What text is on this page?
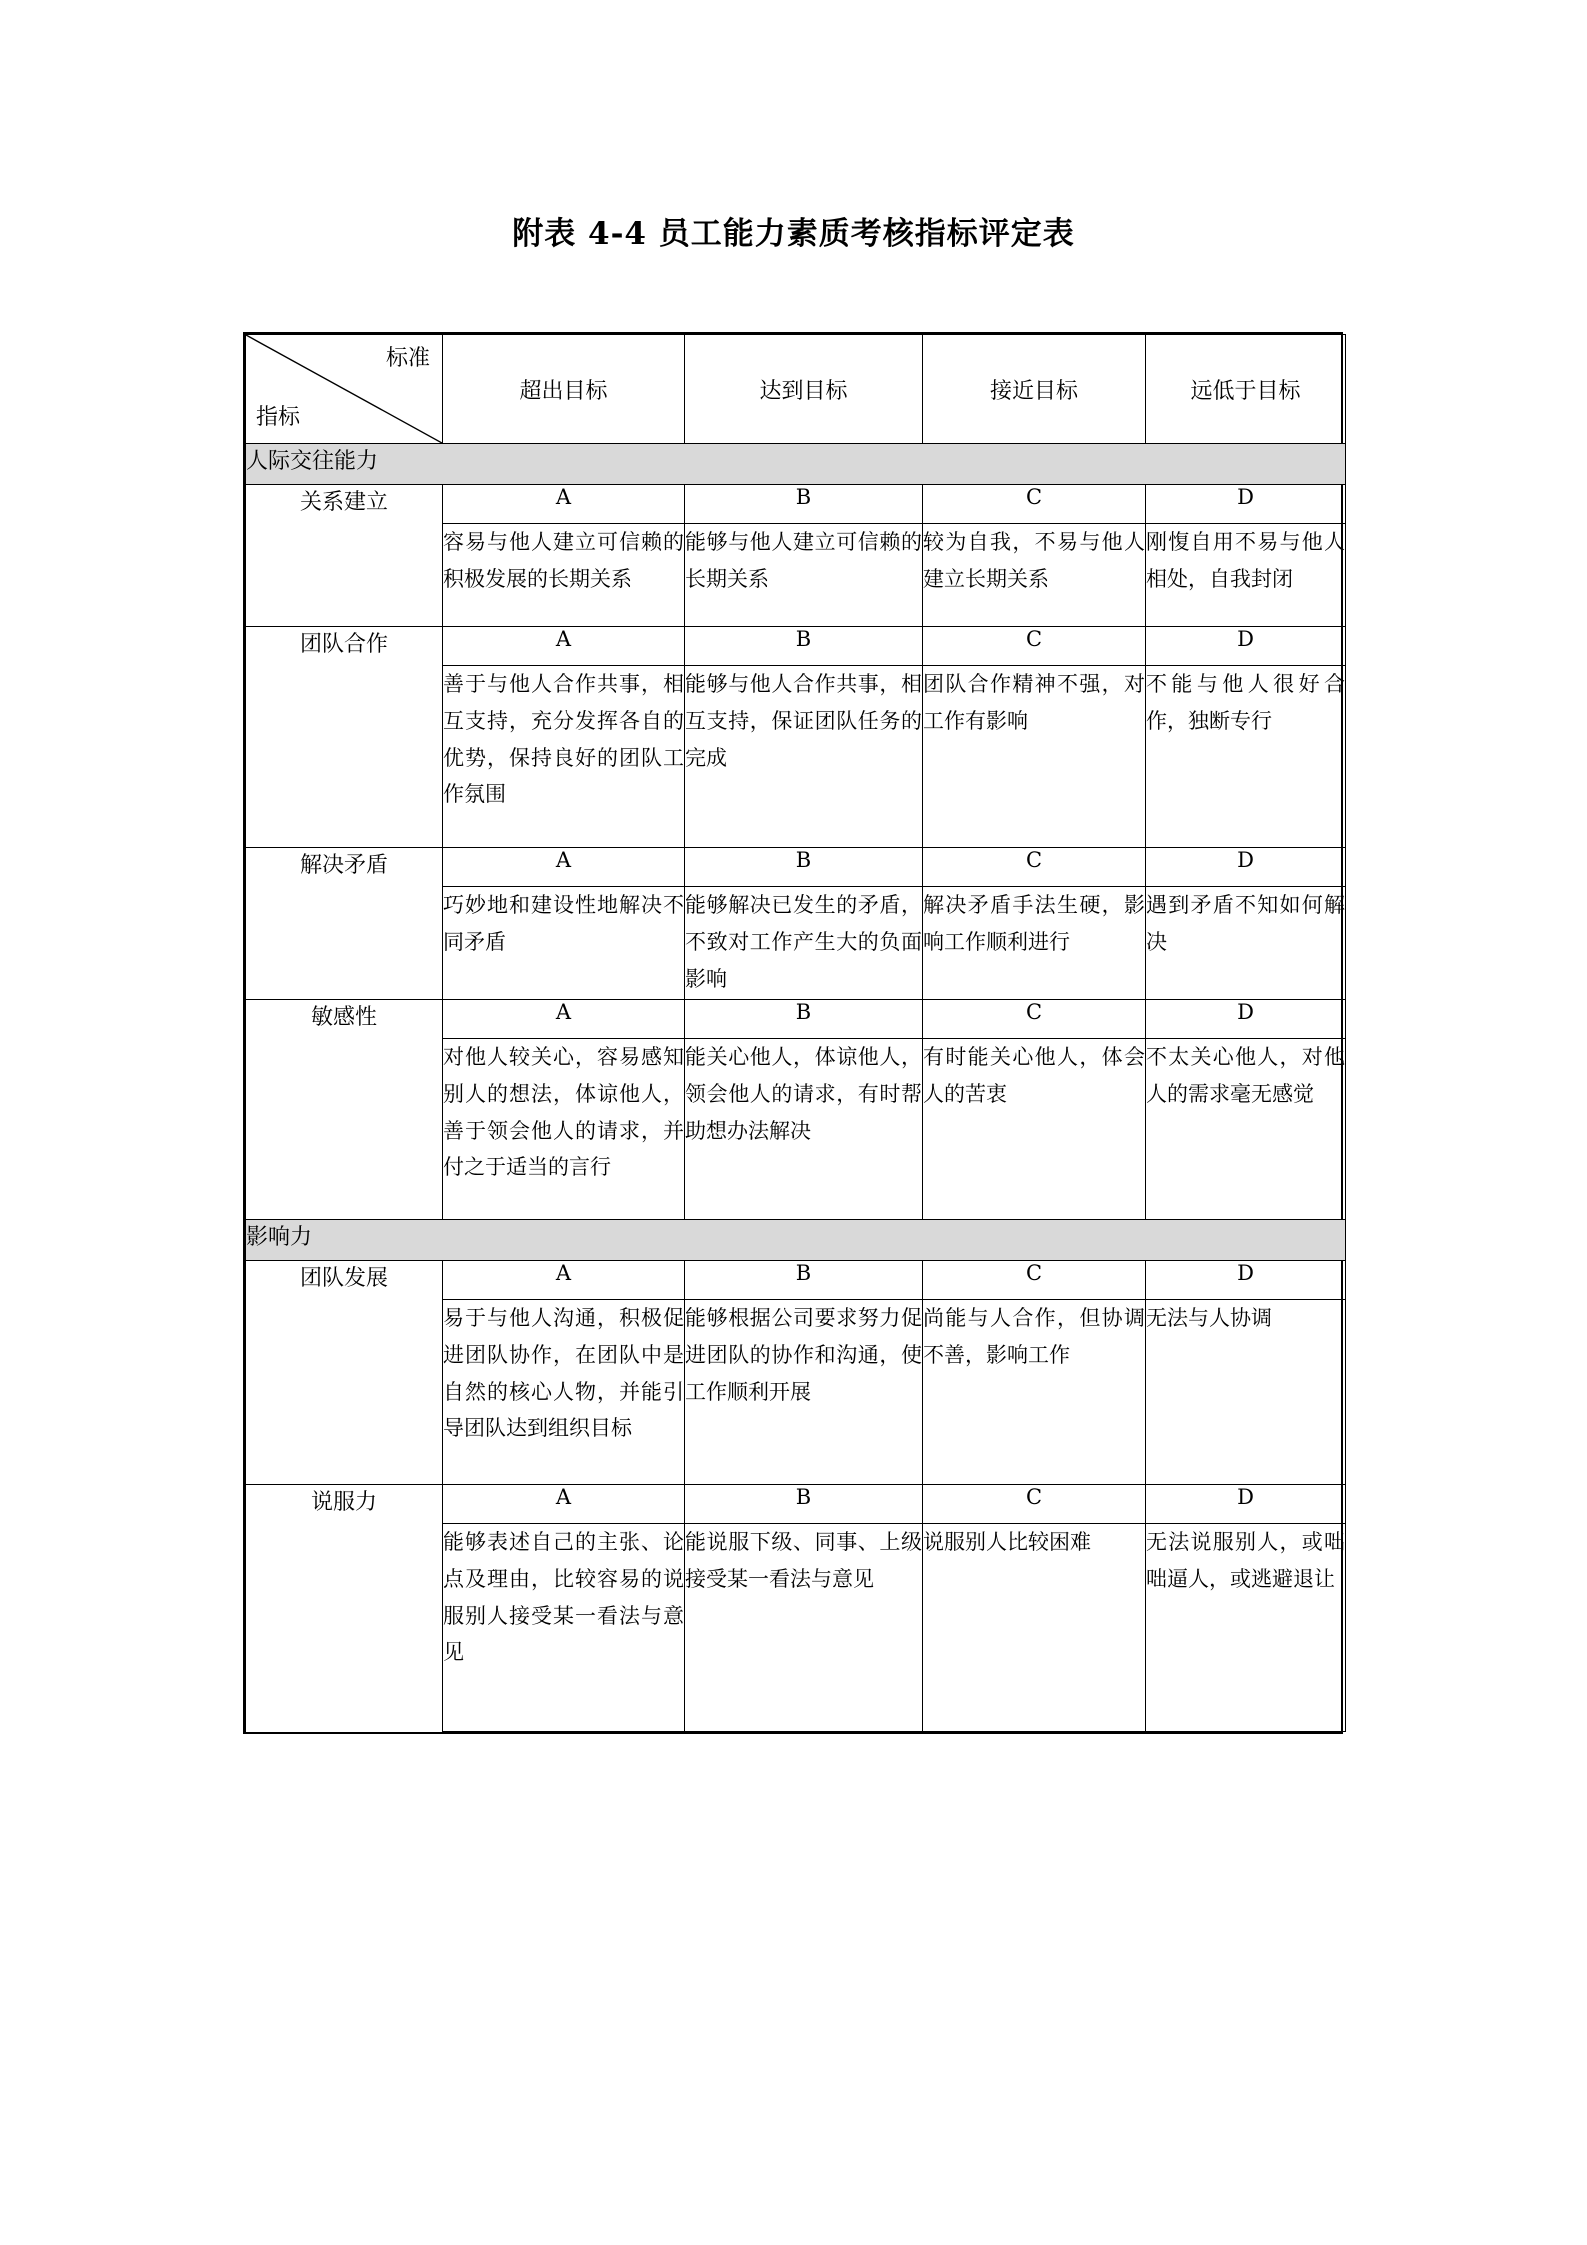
附表 4-4 员工能力素质考核指标评定表
标准
指标	超出目标	达到目标	接近目标	远低于目标
人际交往能力				
关系建立	A	B	C	D

	容易与他人建立可信赖的积极发展的长期关系	能够与他人建立可信赖的长期关系	较为自我，不易与他人建立长期关系	刚愎自用不易与他人相处，自我封闭

团队合作	A	B	C	D

	善于与他人合作共事，相互支持，充分发挥各自的优势，保持良好的团队工作氛围	能够与他人合作共事，相互支持，保证团队任务的完成	团队合作精神不强，对工作有影响	不能与他人很好合作，独断专行

解决矛盾	A	B	C	D

	巧妙地和建设性地解决不同矛盾	能够解决已发生的矛盾，不致对工作产生大的负面影响	解决矛盾手法生硬，影响工作顺利进行	遇到矛盾不知如何解决

敏感性	A	B	C	D

	对他人较关心，容易感知别人的想法，体谅他人，善于领会他人的请求，并付之于适当的言行	能关心他人，体谅他人，领会他人的请求，有时帮助想办法解决	有时能关心他人，体会人的苦衷	不太关心他人，对他人的需求毫无感觉

影响力				
团队发展	A	B	C	D

	易于与他人沟通，积极促进团队协作，在团队中是自然的核心人物，并能引导团队达到组织目标	能够根据公司要求努力促进团队的协作和沟通，使工作顺利开展	尚能与人合作，但协调不善，影响工作	无法与人协调

说服力	A	B	C	D

	能够表述自己的主张、论点及理由，比较容易的说服别人接受某一看法与意见	能说服下级、同事、上级接受某一看法与意见	说服别人比较困难	无法说服别人，或咄咄逼人，或逃避退让
